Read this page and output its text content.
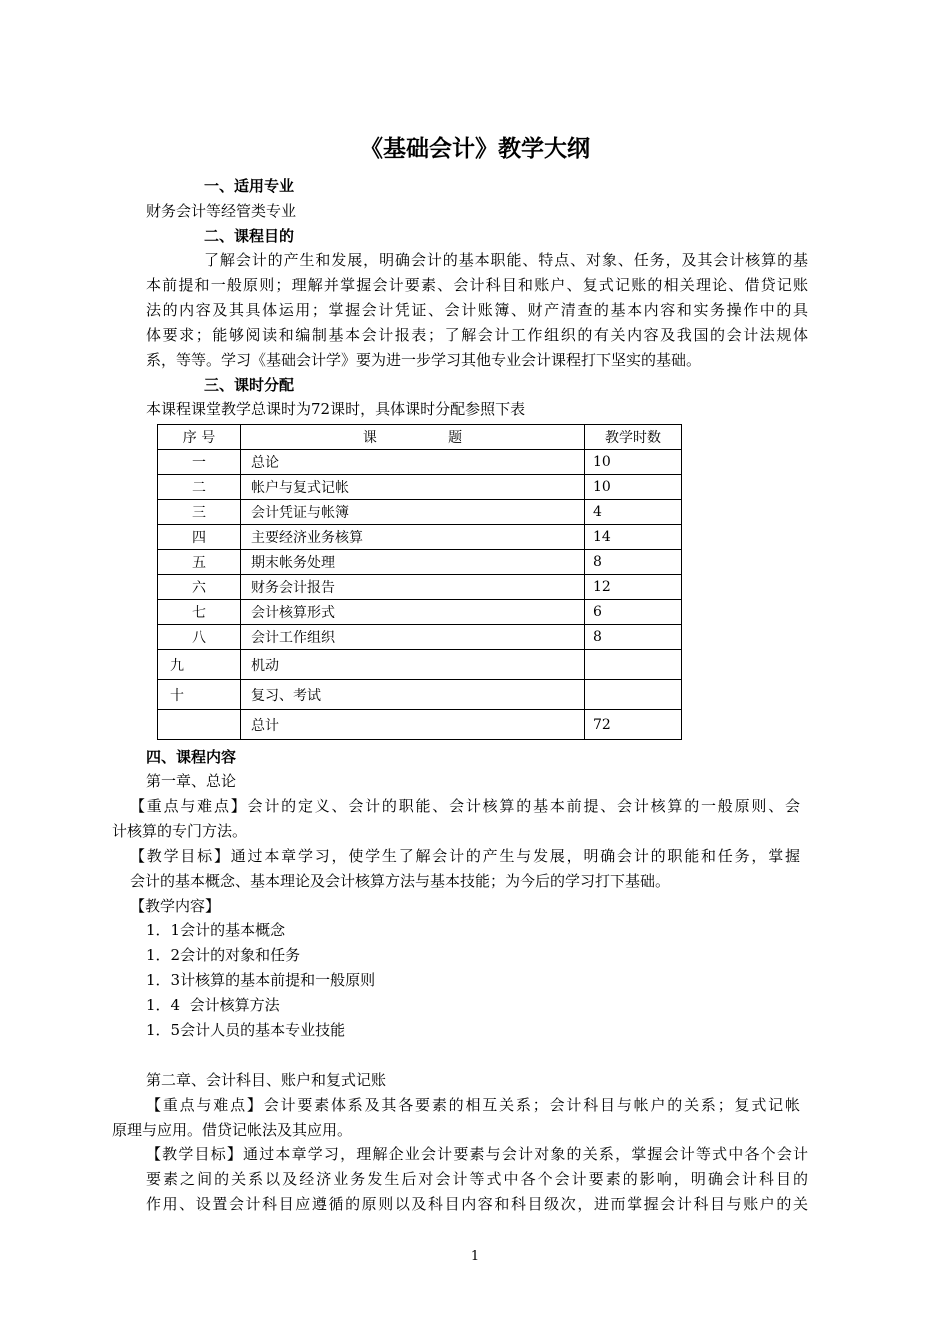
《基础会计》教学大纲
一、适用专业
财务会计等经管类专业
二、课程目的
了解会计的产生和发展，明确会计的基本职能、特点、对象、任务，及其会计核算的基
本前提和一般原则；理解并掌握会计要素、会计科目和账户、复式记账的相关理论、借贷记账
法的内容及其具体运用；掌握会计凭证、会计账簿、财产清查的基本内容和实务操作中的具
体要求；能够阅读和编制基本会计报表；了解会计工作组织的有关内容及我国的会计法规体
系，等等。学习《基础会计学》要为进一步学习其他专业会计课程打下坚实的基础。
三、课时分配
本课程课堂教学总课时为72课时，具体课时分配参照下表
序 号	课                题	教学时数
一	总论	10
二	帐户与复式记帐	10
三	会计凭证与帐簿	4
四	主要经济业务核算	14
五	期末帐务处理	8
六	财务会计报告	12
七	会计核算形式	6
八	会计工作组织	8
九	机动	
十	复习、考试	
	总计	72
四、课程内容
第一章、总论
【重点与难点】会计的定义、会计的职能、会计核算的基本前提、会计核算的一般原则、会
计核算的专门方法。
【教学目标】通过本章学习，使学生了解会计的产生与发展，明确会计的职能和任务，掌握
会计的基本概念、基本理论及会计核算方法与基本技能；为今后的学习打下基础。
【教学内容】
1．1会计的基本概念
1．2会计的对象和任务
1．3计核算的基本前提和一般原则
1．4  会计核算方法
1．5会计人员的基本专业技能
第二章、会计科目、账户和复式记账
【重点与难点】会计要素体系及其各要素的相互关系；会计科目与帐户的关系；复式记帐
原理与应用。借贷记帐法及其应用。
【教学目标】通过本章学习，理解企业会计要素与会计对象的关系，掌握会计等式中各个会计
要素之间的关系以及经济业务发生后对会计等式中各个会计要素的影响，明确会计科目的
作用、设置会计科目应遵循的原则以及科目内容和科目级次，进而掌握会计科目与账户的关
1
